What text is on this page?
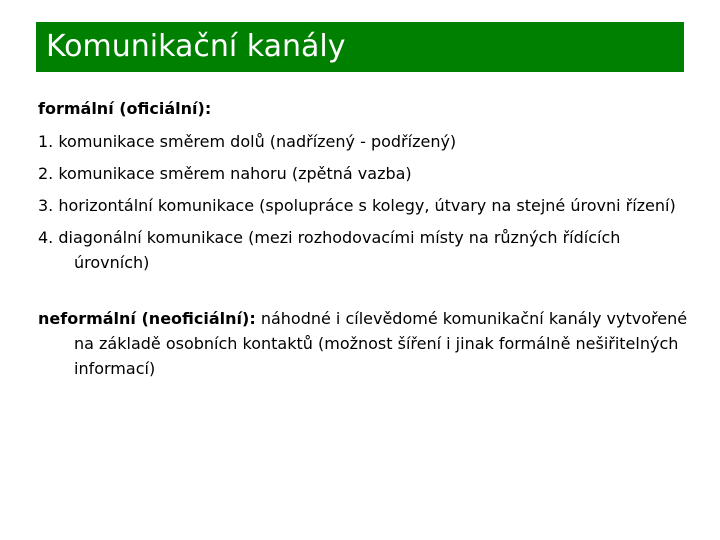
Komunikační kanály
formální (oficiální):
1. komunikace směrem dolů (nadřízený - podřízený)
2. komunikace směrem nahoru (zpětná vazba)
3. horizontální komunikace (spolupráce s kolegy, útvary na stejné úrovni řízení)
4. diagonální komunikace (mezi rozhodovacími místy na různých řídících úrovních)
neformální (neoficiální): náhodné i cílevědomé komunikační kanály vytvořené na základě osobních kontaktů (možnost šíření i jinak formálně nešiřitelných informací)
